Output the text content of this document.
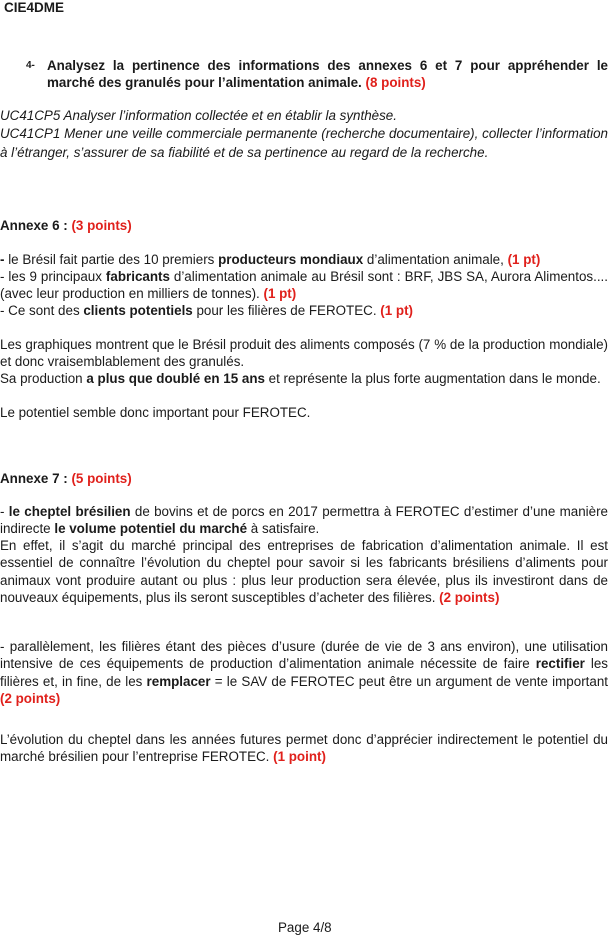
CIE4DME
4- Analysez la pertinence des informations des annexes 6 et 7 pour appréhender le marché des granulés pour l’alimentation animale. (8 points)

UC41CP5 Analyser l’information collectée et en établir la synthèse.

UC41CP1 Mener une veille commerciale permanente (recherche documentaire), collecter l’information à l’étranger, s’assurer de sa fiabilité et de sa pertinence au regard de la recherche.

Annexe 6 : (3 points)

- le Brésil fait partie des 10 premiers producteurs mondiaux d’alimentation animale, (1 pt)

- les 9 principaux fabricants d’alimentation animale au Brésil sont : BRF, JBS SA, Aurora Alimentos.... (avec leur production en milliers de tonnes). (1 pt)

- Ce sont des clients potentiels pour les filières de FEROTEC. (1 pt)

Les graphiques montrent que le Brésil produit des aliments composés (7 % de la production mondiale) et donc vraisemblablement des granulés.

Sa production a plus que doublé en 15 ans et représente la plus forte augmentation dans le monde.

Le potentiel semble donc important pour FEROTEC.

Annexe 7 : (5 points)

- le cheptel brésilien de bovins et de porcs en 2017 permettra à FEROTEC d’estimer d’une manière indirecte le volume potentiel du marché à satisfaire.

En effet, il s’agit du marché principal des entreprises de fabrication d’alimentation animale. Il est essentiel de connaître l’évolution du cheptel pour savoir si les fabricants brésiliens d’aliments pour animaux vont produire autant ou plus : plus leur production sera élevée, plus ils investiront dans de nouveaux équipements, plus ils seront susceptibles d’acheter des filières. (2 points)

- parallèlement, les filières étant des pièces d’usure (durée de vie de 3 ans environ), une utilisation intensive de ces équipements de production d’alimentation animale nécessite de faire rectifier les filières et, in fine, de les remplacer = le SAV de FEROTEC peut être un argument de vente important (2 points)

L’évolution du cheptel dans les années futures permet donc d’apprécier indirectement le potentiel du marché brésilien pour l’entreprise FEROTEC. (1 point)

Page 4/8
